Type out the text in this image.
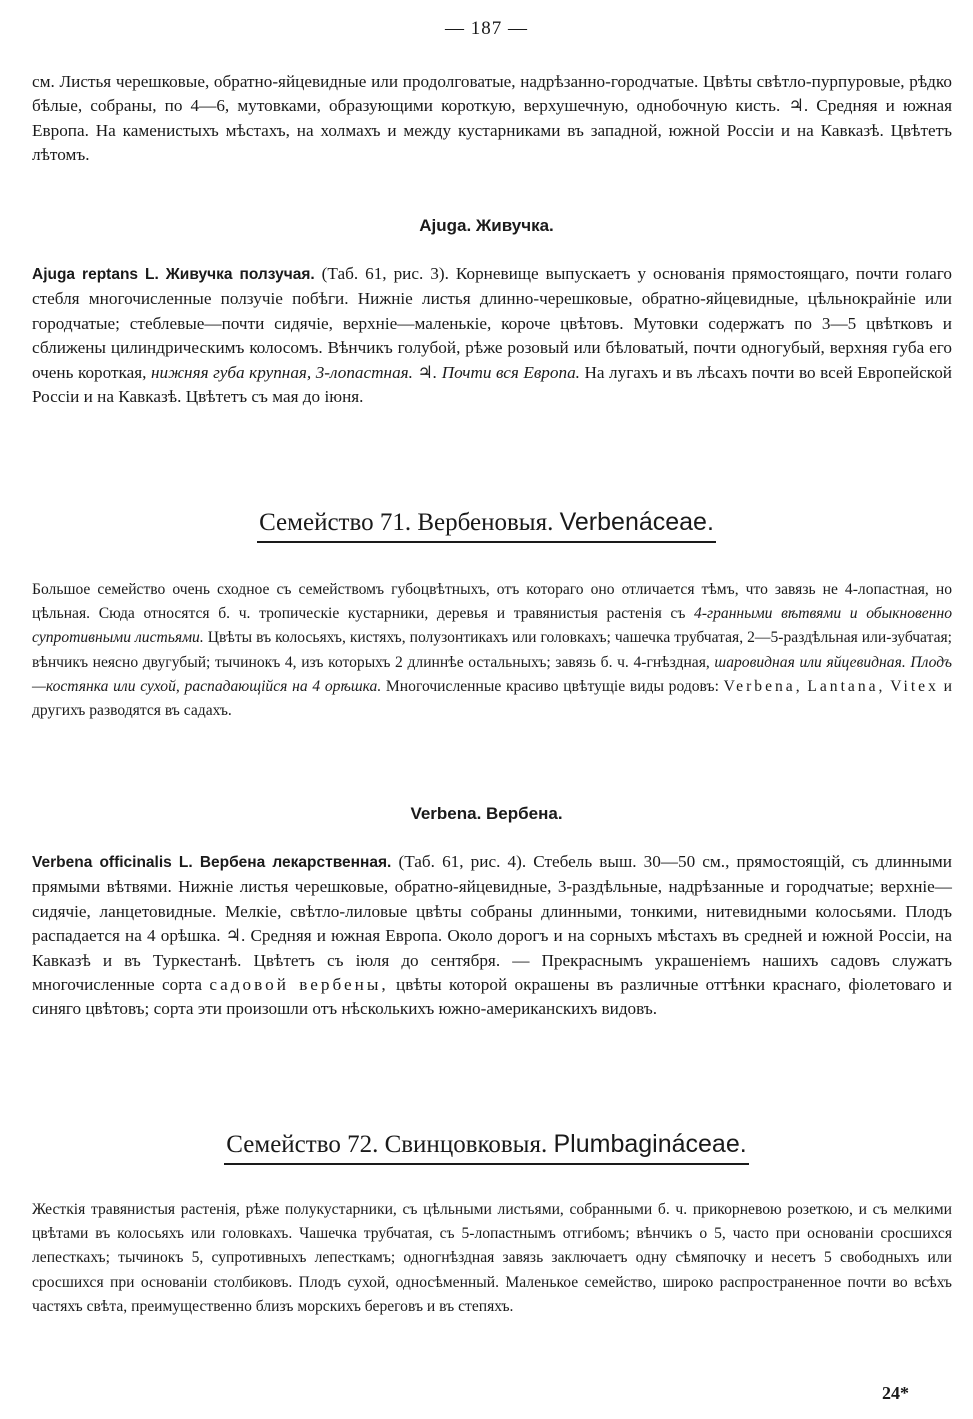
— 187 —

см. Листья черешковые, обратно-яйцевидные или продолговатые, надрѣзанно-городчатые. Цвѣты свѣтло-пурпуровые, рѣдко бѣлые, собраны, по 4—6, мутовками, образующими короткую, верхушечную, однобочную кисть. ♃. Средняя и южная Европа. На каменистыхъ мѣстахъ, на холмахъ и между кустарниками въ западной, южной Россіи и на Кавказѣ. Цвѣтетъ лѣтомъ.

Ajuga. Живучка.

Ajuga reptans L. Живучка ползучая. (Таб. 61, рис. 3). Корневище выпускаетъ у основанія прямостоящаго, почти голаго стебля многочисленные ползучіе побѣги. Нижніе листья длинно-черешковые, обратно-яйцевидные, цѣльнокрайніе или городчатые; стеблевые—почти сидячіе, верхніе—маленькіе, короче цвѣтовъ. Мутовки содержатъ по 3—5 цвѣтковъ и сближены цилиндрическимъ колосомъ. Вѣнчикъ голубой, рѣже розовый или бѣловатый, почти одногубый, верхняя губа его очень короткая, нижняя губа крупная, 3-лопастная. ♃. Почти вся Европа. На лугахъ и въ лѣсахъ почти во всей Европейской Россіи и на Кавказѣ. Цвѣтетъ съ мая до іюня.

Семейство 71. Вербеновыя. Verbenáceae.

Большое семейство очень сходное съ семействомъ губоцвѣтныхъ, отъ котораго оно отличается тѣмъ, что завязь не 4-лопастная, но цѣльная. Сюда относятся б. ч. тропическіе кустарники, деревья и травянистыя растенія съ 4-гранными вѣтвями и обыкновенно супротивными листьями. Цвѣты въ колосьяхъ, кистяхъ, полузонтикахъ или головкахъ; чашечка трубчатая, 2—5-раздѣльная или-зубчатая; вѣнчикъ неясно двугубый; тычинокъ 4, изъ которыхъ 2 длиннѣе остальныхъ; завязь б. ч. 4-гнѣздная, шаровидная или яйцевидная. Плодъ—костянка или сухой, распадающійся на 4 орѣшка. Многочисленные красиво цвѣтущіе виды родовъ: Verbena, Lantana, Vitex и другихъ разводятся въ садахъ.

Verbena. Вербена.

Verbena officinalis L. Вербена лекарственная. (Таб. 61, рис. 4). Стебель выш. 30—50 см., прямостоящій, съ длинными прямыми вѣтвями. Нижніе листья черешковые, обратно-яйцевидные, 3-раздѣльные, надрѣзанные и городчатые; верхніе—сидячіе, ланцетовидные. Мелкіе, свѣтло-лиловые цвѣты собраны длинными, тонкими, нитевидными колосьями. Плодъ распадается на 4 орѣшка. ♃. Средняя и южная Европа. Около дорогъ и на сорныхъ мѣстахъ въ средней и южной Россіи, на Кавказѣ и въ Туркестанѣ. Цвѣтетъ съ іюля до сентября. — Прекраснымъ украшеніемъ нашихъ садовъ служатъ многочисленные сорта садовой вербены, цвѣты которой окрашены въ различные оттѣнки краснаго, фіолетоваго и синяго цвѣтовъ; сорта эти произошли отъ нѣсколькихъ южно-американскихъ видовъ.

Семейство 72. Свинцовковыя. Plumbagináceae.

Жесткія травянистыя растенія, рѣже полукустарники, съ цѣльными листьями, собранными б. ч. прикорневою розеткою, и съ мелкими цвѣтами въ колосьяхъ или головкахъ. Чашечка трубчатая, съ 5-лопастнымъ отгибомъ; вѣнчикъ о 5, часто при основаніи сросшихся лепесткахъ; тычинокъ 5, супротивныхъ лепесткамъ; одногнѣздная завязь заключаетъ одну сѣмяпочку и несетъ 5 свободныхъ или сросшихся при основаніи столбиковъ. Плодъ сухой, односѣменный. Маленькое семейство, широко распространенное почти во всѣхъ частяхъ свѣта, преимущественно близъ морскихъ береговъ и въ степяхъ.

24*
